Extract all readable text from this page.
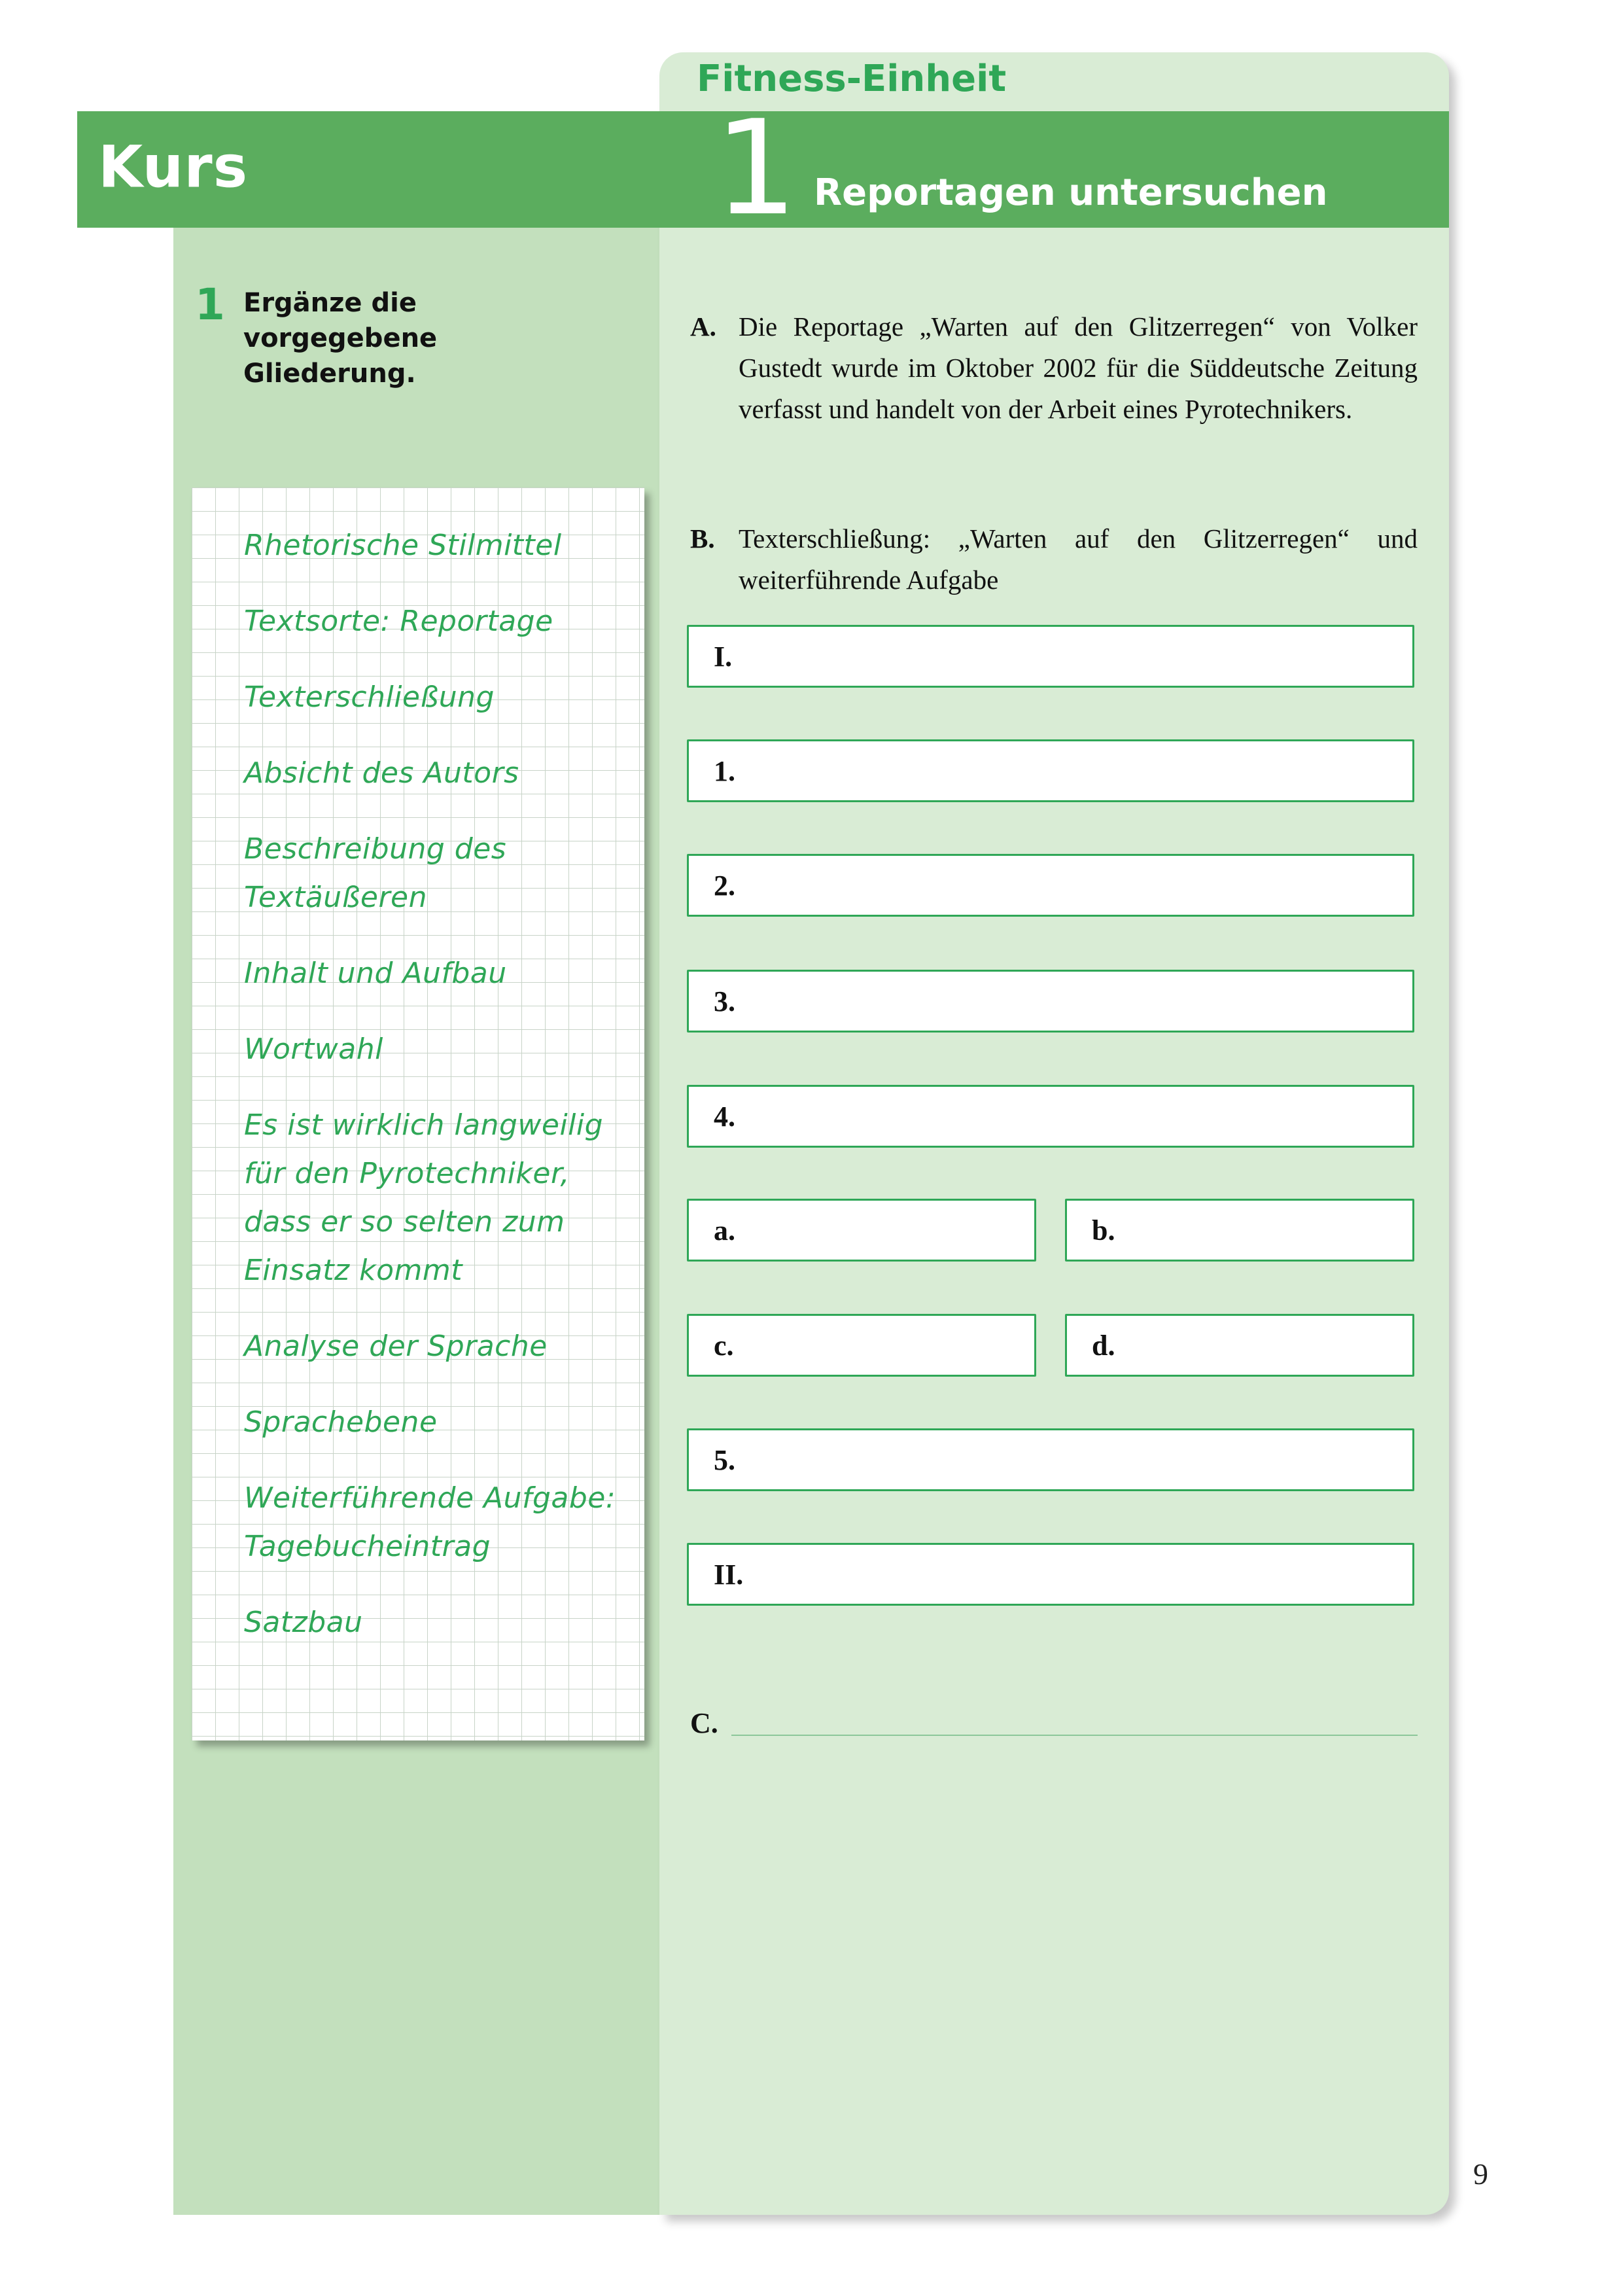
Kurs
Fitness-Einheit
1 Reportagen untersuchen
1 Ergänze die vorgegebene Gliederung.
Rhetorische Stilmittel
Textsorte: Reportage
Texterschließung
Absicht des Autors
Beschreibung des Textäußeren
Inhalt und Aufbau
Wortwahl
Es ist wirklich langweilig für den Pyrotechniker, dass er so selten zum Einsatz kommt
Analyse der Sprache
Sprachebene
Weiterführende Aufgabe: Tagebucheintrag
Satzbau
A. Die Reportage „Warten auf den Glitzerregen“ von Volker Gustedt wurde im Oktober 2002 für die Süddeutsche Zeitung verfasst und handelt von der Arbeit eines Pyrotechnikers.
B. Texterschließung: „Warten auf den Glitzerregen“ und weiterführende Aufgabe
I.
1.
2.
3.
4.
a.	b.
c.	d.
5.
II.
C.
9
